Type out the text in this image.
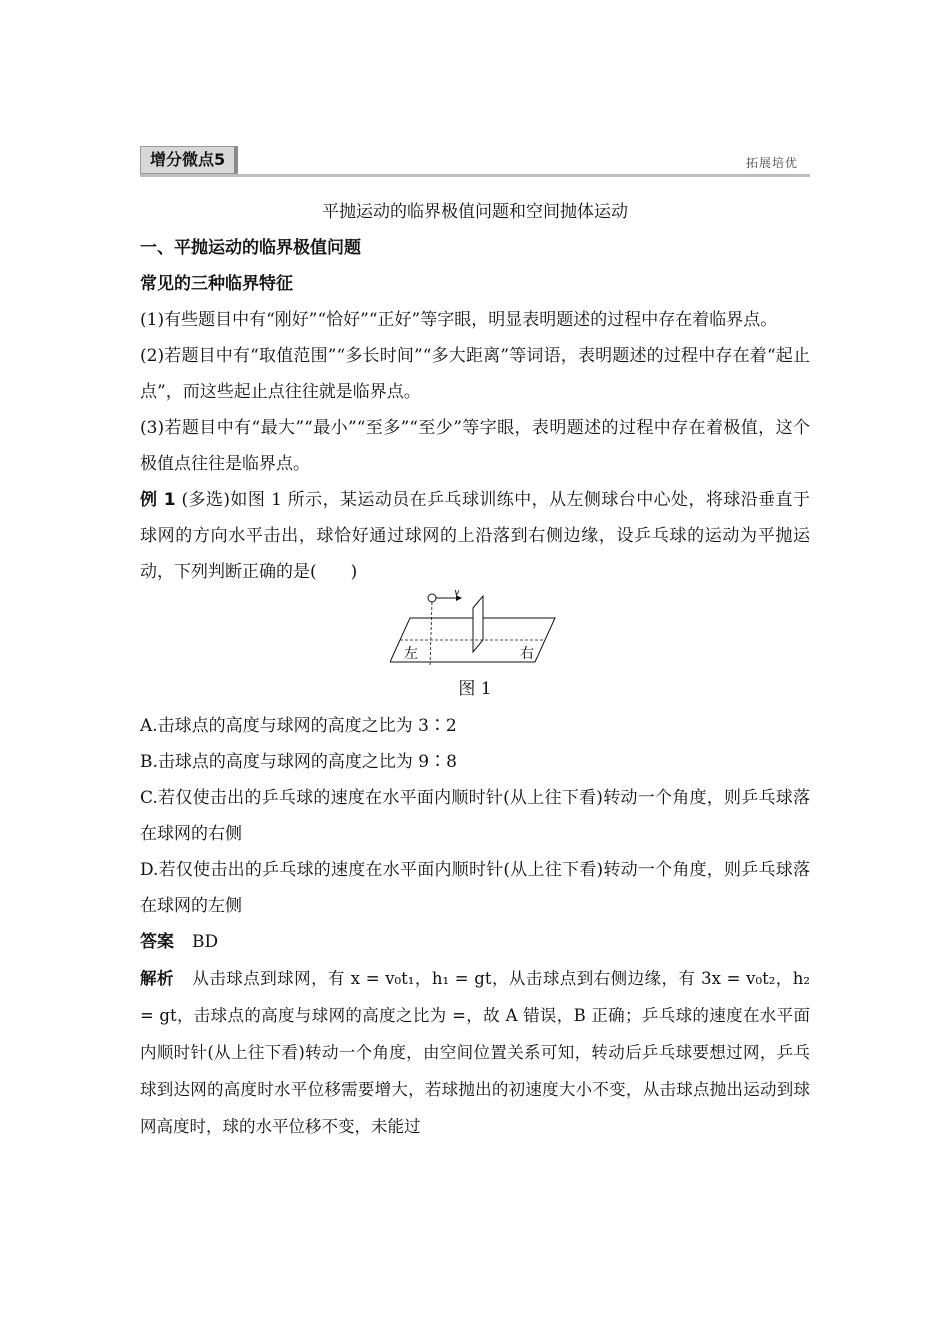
增分微点5	拓展培优

平抛运动的临界极值问题和空间抛体运动

一、平抛运动的临界极值问题

常见的三种临界特征

(1)有些题目中有“刚好”“恰好”“正好”等字眼，明显表明题述的过程中存在着临界点。

(2)若题目中有“取值范围”“多长时间”“多大距离”等词语，表明题述的过程中存在着“起止点”，而这些起止点往往就是临界点。

(3)若题目中有“最大”“最小”“至多”“至少”等字眼，表明题述的过程中存在着极值，这个极值点往往是临界点。

例 1 (多选)如图 1 所示，某运动员在乒乓球训练中，从左侧球台中心处，将球沿垂直于球网的方向水平击出，球恰好通过球网的上沿落到右侧边缘，设乒乓球的运动为平抛运动，下列判断正确的是(　　)

v
左	右

图 1

A.击球点的高度与球网的高度之比为 3∶2

B.击球点的高度与球网的高度之比为 9∶8

C.若仅使击出的乒乓球的速度在水平面内顺时针(从上往下看)转动一个角度，则乒乓球落在球网的右侧

D.若仅使击出的乒乓球的速度在水平面内顺时针(从上往下看)转动一个角度，则乒乓球落在球网的左侧

答案 BD

解析 从击球点到球网，有 x = v₀t₁，h₁ = gt，从击球点到右侧边缘，有 3x = v₀t₂，h₂ = gt，击球点的高度与球网的高度之比为 =，故 A 错误，B 正确；乒乓球的速度在水平面内顺时针(从上往下看)转动一个角度，由空间位置关系可知，转动后乒乓球要想过网，乒乓球到达网的高度时水平位移需要增大，若球抛出的初速度大小不变，从击球点抛出运动到球网高度时，球的水平位移不变，未能过
